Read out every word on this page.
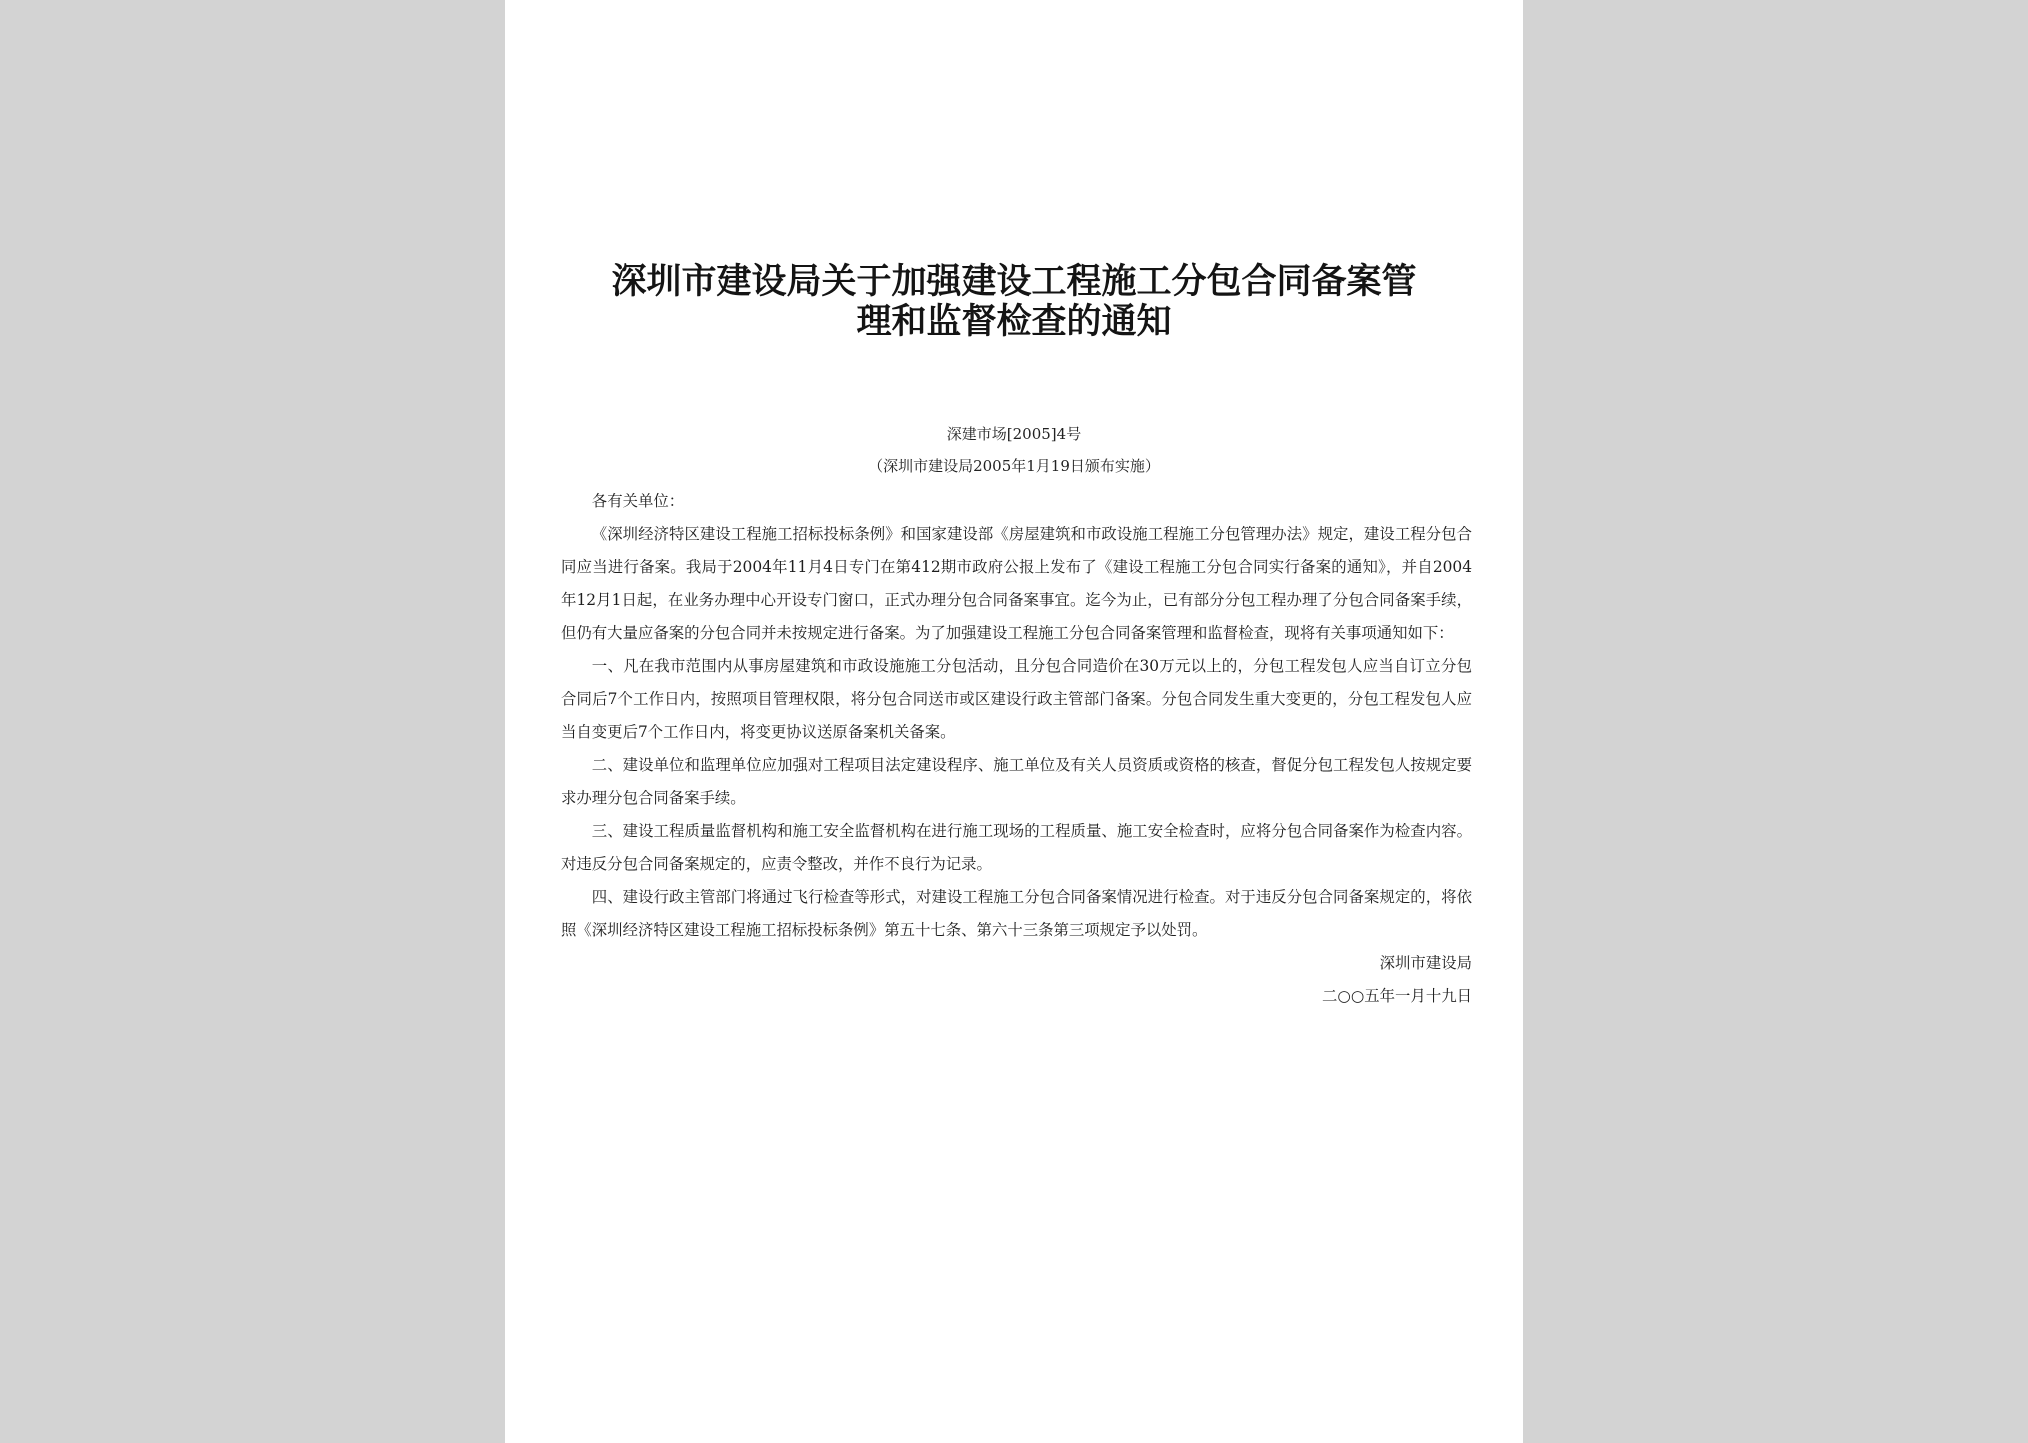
深圳市建设局关于加强建设工程施工分包合同备案管理和监督检查的通知

深建市场[2005]4号

（深圳市建设局2005年1月19日颁布实施）

各有关单位：

《深圳经济特区建设工程施工招标投标条例》和国家建设部《房屋建筑和市政设施工程施工分包管理办法》规定，建设工程分包合同应当进行备案。我局于2004年11月4日专门在第412期市政府公报上发布了《建设工程施工分包合同实行备案的通知》，并自2004年12月1日起，在业务办理中心开设专门窗口，正式办理分包合同备案事宜。迄今为止，已有部分分包工程办理了分包合同备案手续，但仍有大量应备案的分包合同并未按规定进行备案。为了加强建设工程施工分包合同备案管理和监督检查，现将有关事项通知如下：

一、凡在我市范围内从事房屋建筑和市政设施施工分包活动，且分包合同造价在30万元以上的，分包工程发包人应当自订立分包合同后7个工作日内，按照项目管理权限，将分包合同送市或区建设行政主管部门备案。分包合同发生重大变更的，分包工程发包人应当自变更后7个工作日内，将变更协议送原备案机关备案。

二、建设单位和监理单位应加强对工程项目法定建设程序、施工单位及有关人员资质或资格的核查，督促分包工程发包人按规定要求办理分包合同备案手续。

三、建设工程质量监督机构和施工安全监督机构在进行施工现场的工程质量、施工安全检查时，应将分包合同备案作为检查内容。对违反分包合同备案规定的，应责令整改，并作不良行为记录。

四、建设行政主管部门将通过飞行检查等形式，对建设工程施工分包合同备案情况进行检查。对于违反分包合同备案规定的，将依照《深圳经济特区建设工程施工招标投标条例》第五十七条、第六十三条第三项规定予以处罚。

深圳市建设局

二○○五年一月十九日
